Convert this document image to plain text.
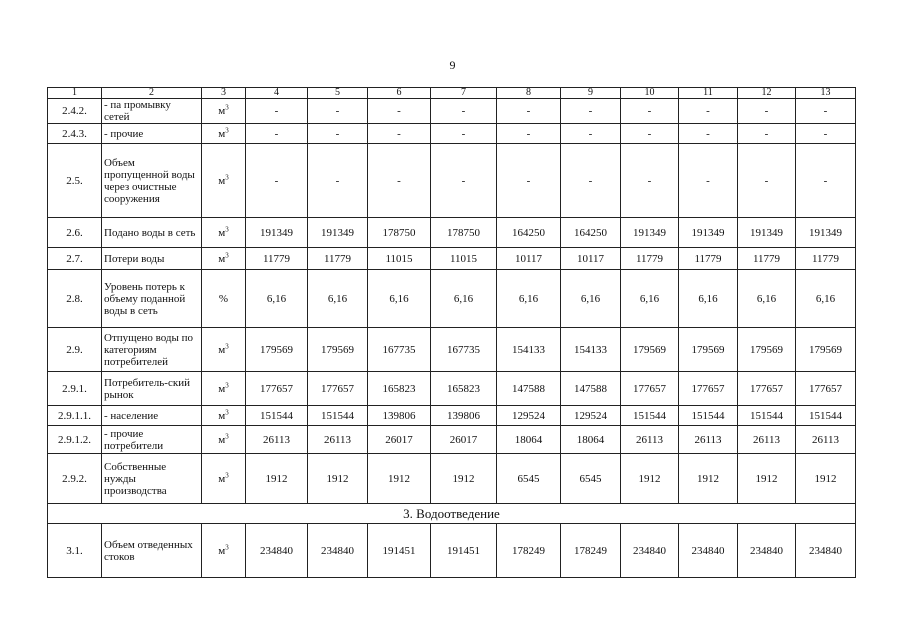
9
1	2	3	4	5	6	7	8	9	10	11	12	13
2.4.2.	- па промывку сетей	$м^3$	-	-	-	-	-	-	-	-	-	-
2.4.3.	- прочие	$м^3$	-	-	-	-	-	-	-	-	-	-
2.5.	Объем пропущенной воды через очистные сооружения	$м^3$	-	-	-	-	-	-	-	-	-	-
2.6.	Подано воды в сеть	$м^3$	191349	191349	178750	178750	164250	164250	191349	191349	191349	191349
2.7.	Потери воды	$м^3$	11779	11779	11015	11015	10117	10117	11779	11779	11779	11779
2.8.	Уровень потерь к объему поданной воды в сеть	%	6,16	6,16	6,16	6,16	6,16	6,16	6,16	6,16	6,16	6,16
2.9.	Отпущено воды по категориям потребителей	$м^3$	179569	179569	167735	167735	154133	154133	179569	179569	179569	179569
2.9.1.	Потребитель-ский рынок	$м^3$	177657	177657	165823	165823	147588	147588	177657	177657	177657	177657
2.9.1.1.	- население	$м^3$	151544	151544	139806	139806	129524	129524	151544	151544	151544	151544
2.9.1.2.	- прочие потребители	$м^3$	26113	26113	26017	26017	18064	18064	26113	26113	26113	26113
2.9.2.	Собственные нужды производства	$м^3$	1912	1912	1912	1912	6545	6545	1912	1912	1912	1912
3. Водоотведение												
3.1.	Объем отведенных стоков	$м^3$	234840	234840	191451	191451	178249	178249	234840	234840	234840	234840
